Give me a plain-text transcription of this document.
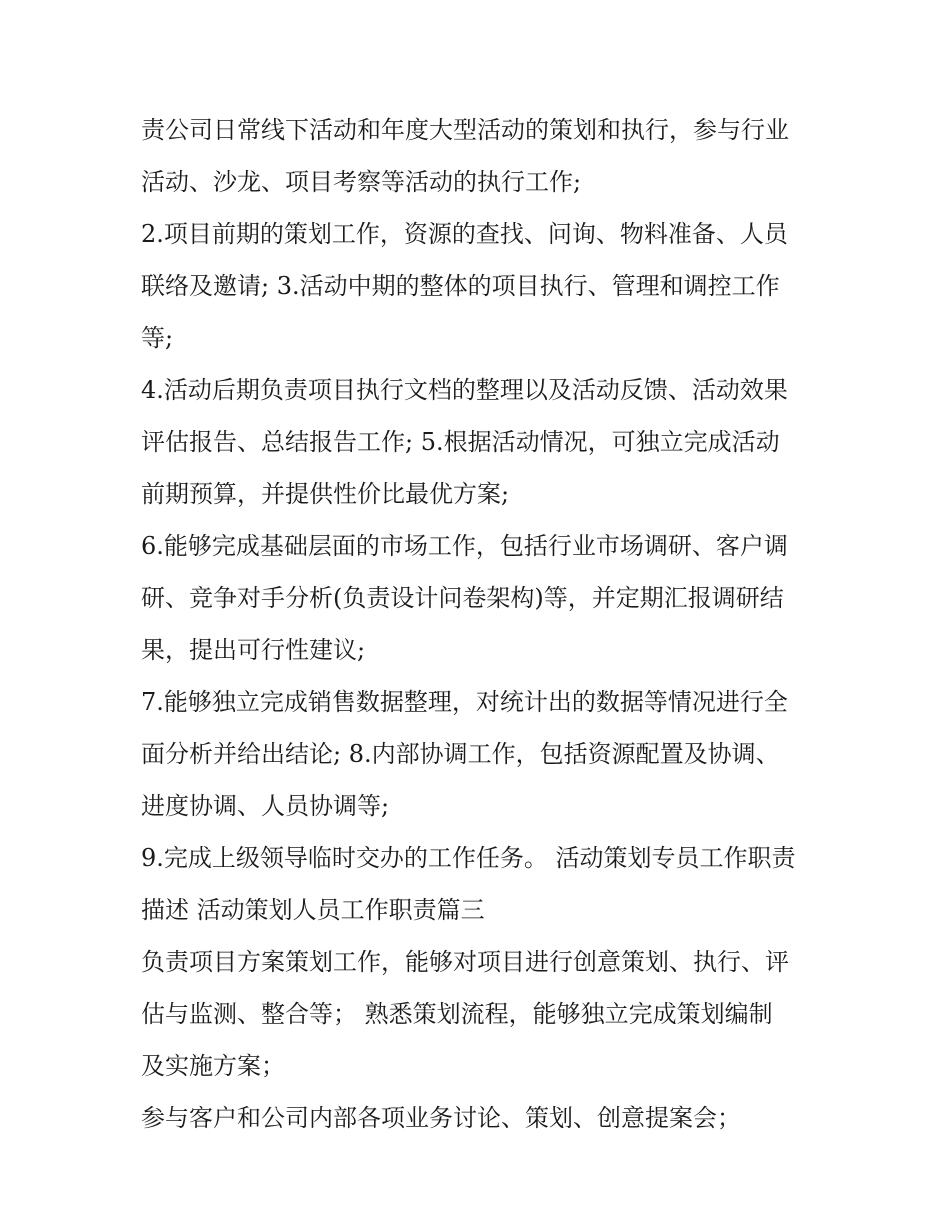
责公司日常线下活动和年度大型活动的策划和执行，参与行业

活动、沙龙、项目考察等活动的执行工作;

2.项目前期的策划工作，资源的查找、问询、物料准备、人员

联络及邀请; 3.活动中期的整体的项目执行、管理和调控工作

等;

4.活动后期负责项目执行文档的整理以及活动反馈、活动效果

评估报告、总结报告工作; 5.根据活动情况，可独立完成活动

前期预算，并提供性价比最优方案;

6.能够完成基础层面的市场工作，包括行业市场调研、客户调

研、竞争对手分析(负责设计问卷架构)等，并定期汇报调研结

果，提出可行性建议;

7.能够独立完成销售数据整理，对统计出的数据等情况进行全

面分析并给出结论; 8.内部协调工作，包括资源配置及协调、

进度协调、人员协调等;

9.完成上级领导临时交办的工作任务。 活动策划专员工作职责

描述 活动策划人员工作职责篇三

负责项目方案策划工作，能够对项目进行创意策划、执行、评

估与监测、整合等； 熟悉策划流程，能够独立完成策划编制

及实施方案；

参与客户和公司内部各项业务讨论、策划、创意提案会；
